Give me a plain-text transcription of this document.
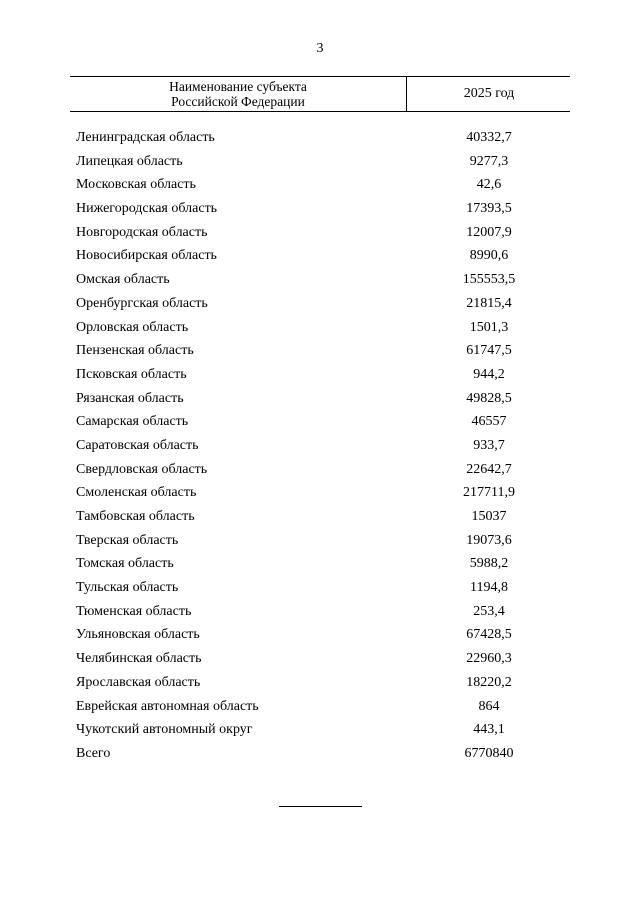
3
Наименование субъекта
Российской Федерации
2025 год
Ленинградская область	40332,7
Липецкая область	9277,3
Московская область	42,6
Нижегородская область	17393,5
Новгородская область	12007,9
Новосибирская область	8990,6
Омская область	155553,5
Оренбургская область	21815,4
Орловская область	1501,3
Пензенская область	61747,5
Псковская область	944,2
Рязанская область	49828,5
Самарская область	46557
Саратовская область	933,7
Свердловская область	22642,7
Смоленская область	217711,9
Тамбовская область	15037
Тверская область	19073,6
Томская область	5988,2
Тульская область	1194,8
Тюменская область	253,4
Ульяновская область	67428,5
Челябинская область	22960,3
Ярославская область	18220,2
Еврейская автономная область	864
Чукотский автономный округ	443,1
Всего	6770840
